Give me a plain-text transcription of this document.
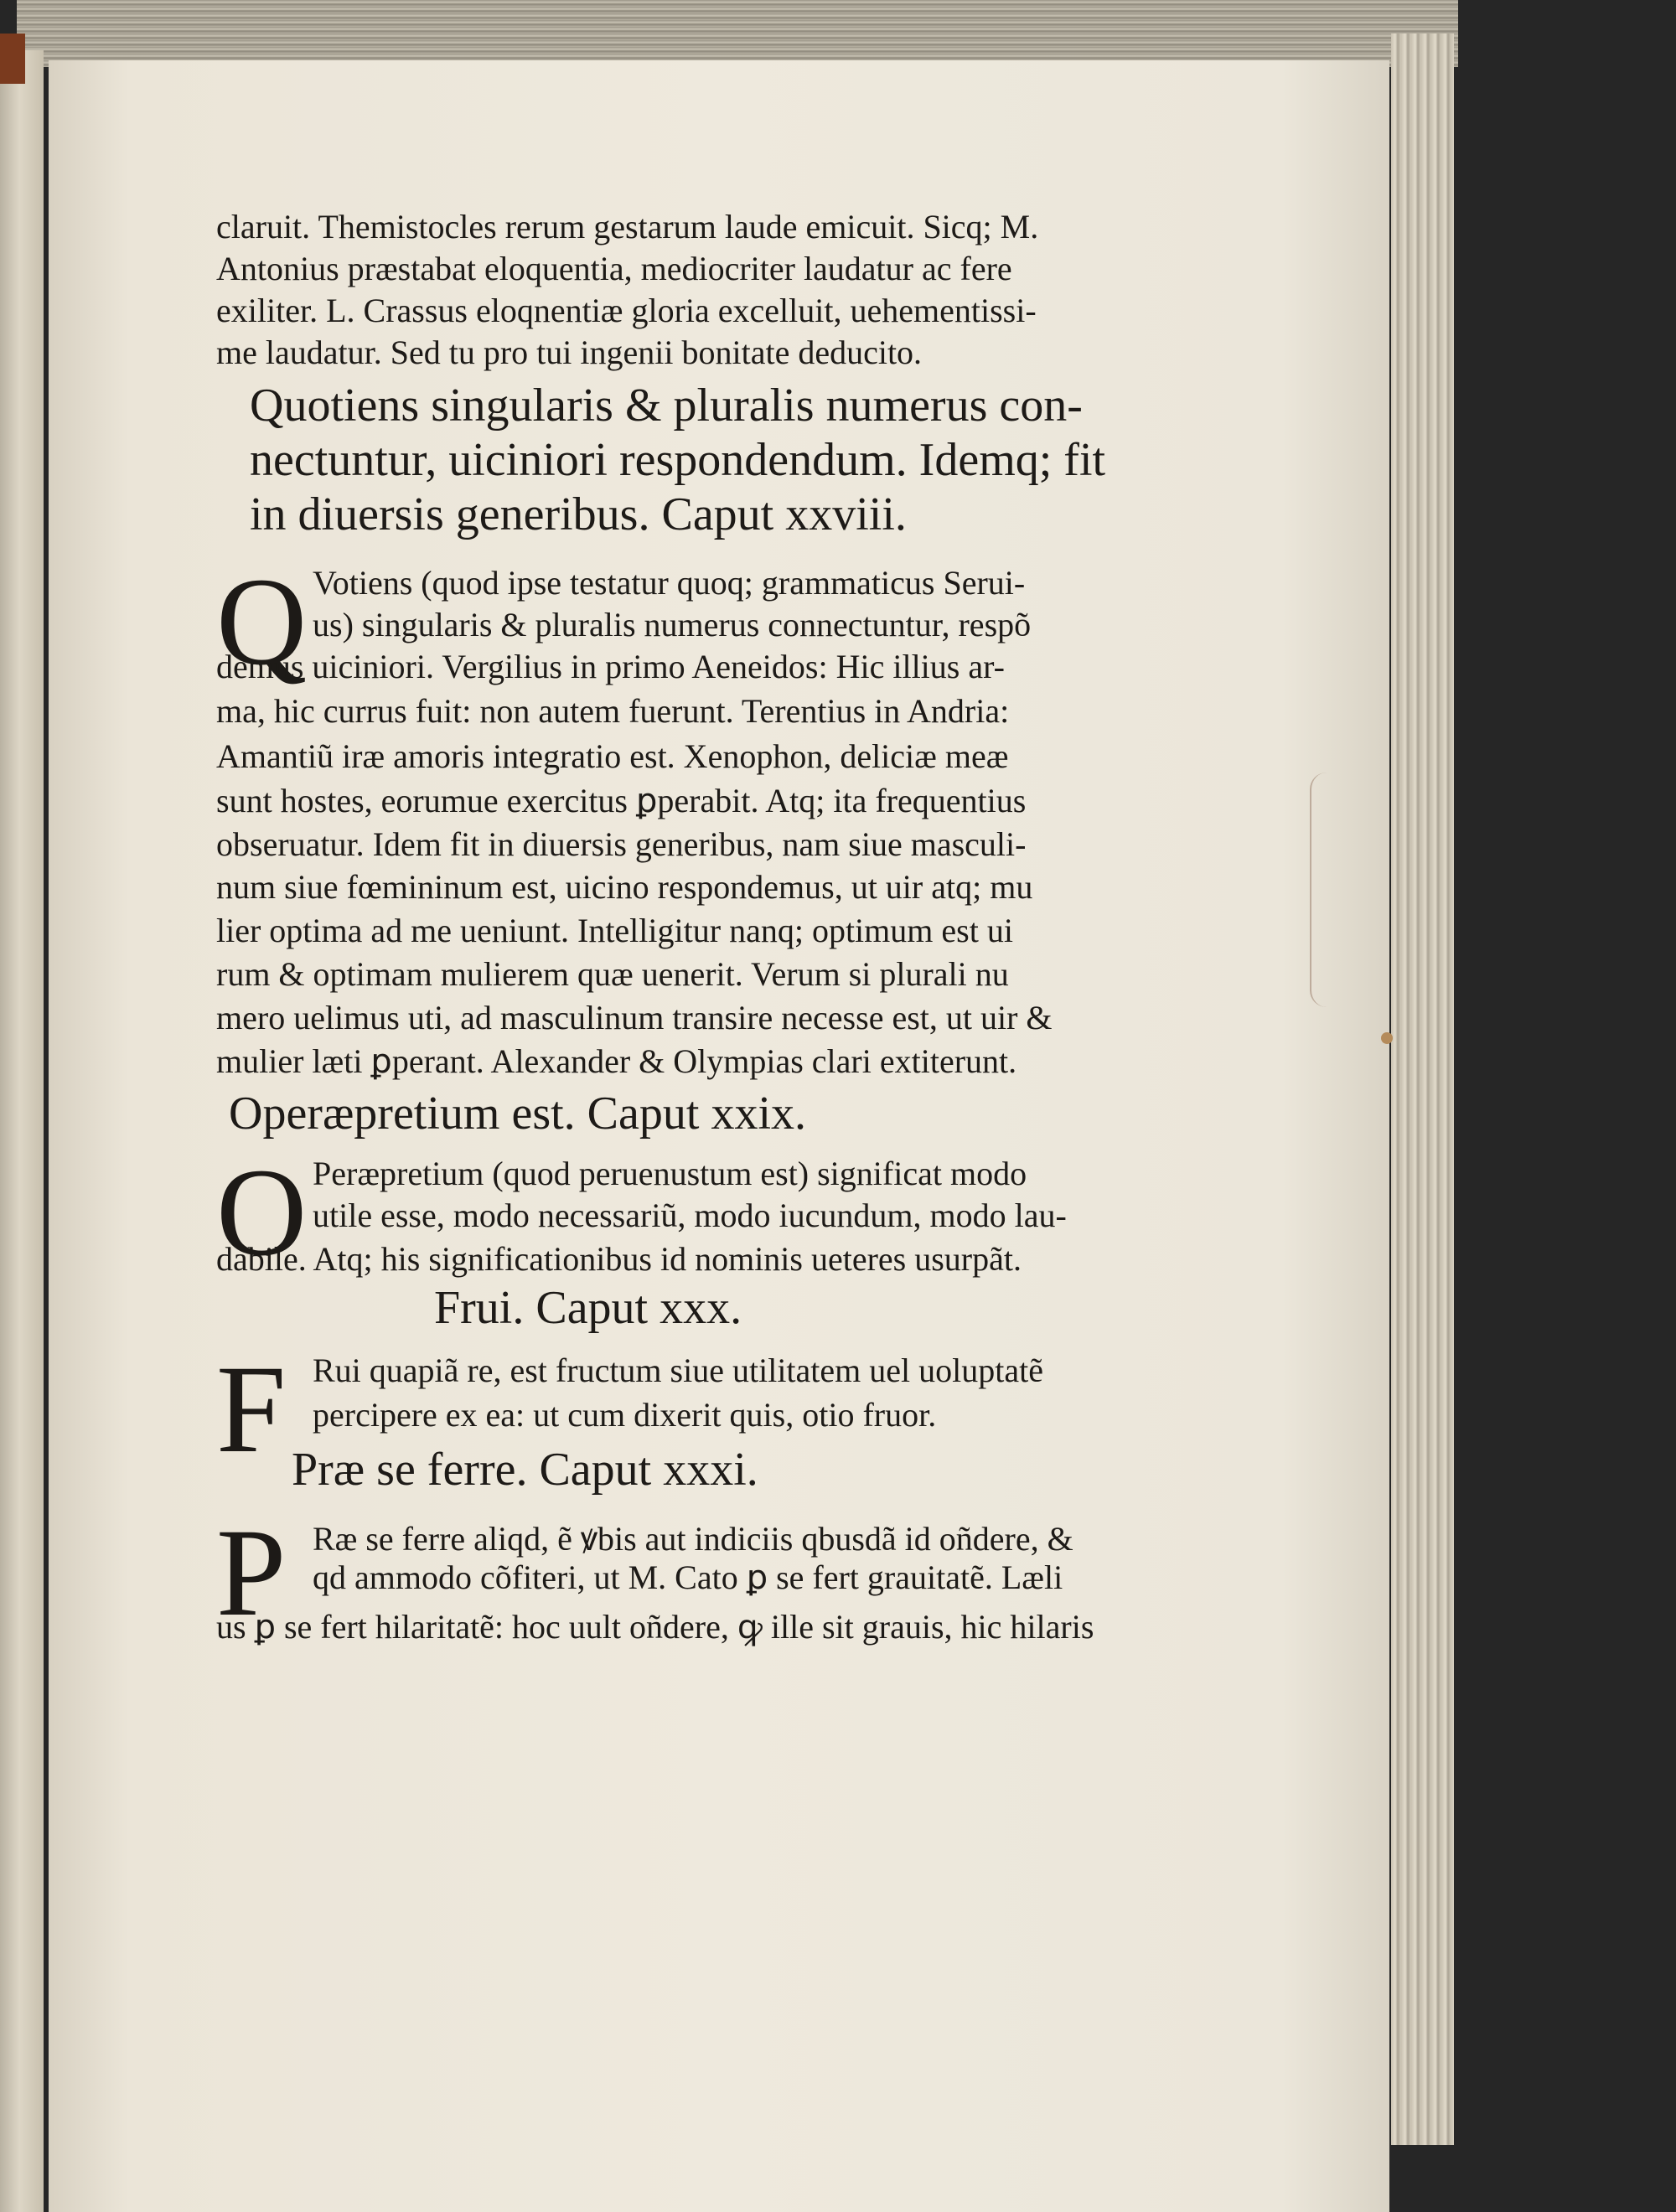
claruit. Themistocles rerum gestarum laude emicuit. Sicq; M.
Antonius præstabat eloquentia, mediocriter laudatur ac fere
exiliter. L. Crassus eloqnentiæ gloria excelluit, uehementissi-
me laudatur. Sed tu pro tui ingenii bonitate deducito.
Quotiens singularis & pluralis numerus con-
nectuntur, uiciniori respondendum. Idemq; fit
in diuersis generibus. Caput xxviii.
Q Votiens (quod ipse testatur quoq; grammaticus Serui-
us) singularis & pluralis numerus connectuntur, respõ
demus uiciniori. Vergilius in primo Aeneidos: Hic illius ar-
ma, hic currus fuit: non autem fuerunt. Terentius in Andria:
Amantiũ iræ amoris integratio est. Xenophon, deliciæ meæ
sunt hostes, eorumue exercitus ꝑperabit. Atq; ita frequentius
obseruatur. Idem fit in diuersis generibus, nam siue masculi-
num siue fœmininum est, uicino respondemus, ut uir atq; mu
lier optima ad me ueniunt. Intelligitur nanq; optimum est ui
rum & optimam mulierem quæ uenerit. Verum si plurali nu
mero uelimus uti, ad masculinum transire necesse est, ut uir &
mulier læti ꝑperant. Alexander & Olympias clari extiterunt.
Operæpretium est. Caput xxix.
O Peræpretium (quod peruenustum est) significat modo
utile esse, modo necessariũ, modo iucundum, modo lau-
dabile. Atq; his significationibus id nominis ueteres usurpãt.
Frui. Caput xxx.
F Rui quapiã re, est fructum siue utilitatem uel uoluptatẽ
percipere ex ea: ut cum dixerit quis, otio fruor.
Præ se ferre. Caput xxxi.
P Ræ se ferre aliqd, ẽ ꝟbis aut indiciis qbusdã id oñdere, &
qd ammodo cõfiteri, ut M. Cato ꝑ se fert grauitatẽ. Læli
us ꝑ se fert hilaritatẽ: hoc uult oñdere, ꝙ ille sit grauis, hic hilaris
